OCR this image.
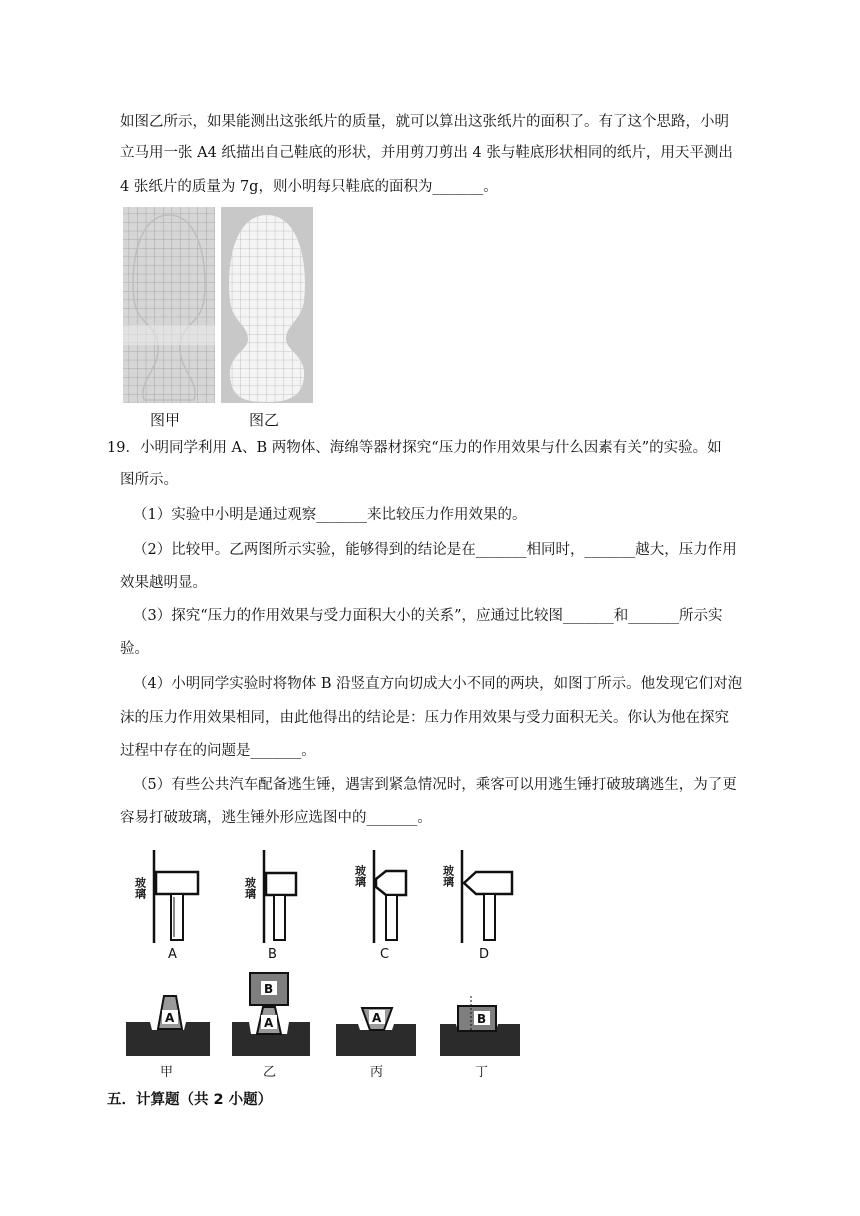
如图乙所示，如果能测出这张纸片的质量，就可以算出这张纸片的面积了。有了这个思路，小明
立马用一张 A4 纸描出自己鞋底的形状，并用剪刀剪出 4 张与鞋底形状相同的纸片，用天平测出
4 张纸片的质量为 7g，则小明每只鞋底的面积为_______。
图甲	图乙
19．小明同学利用 A、B 两物体、海绵等器材探究“压力的作用效果与什么因素有关”的实验。如
图所示。
（1）实验中小明是通过观察_______来比较压力作用效果的。
（2）比较甲。乙两图所示实验，能够得到的结论是在_______相同时，_______越大，压力作用
效果越明显。
（3）探究“压力的作用效果与受力面积大小的关系”，应通过比较图_______和_______所示实
验。
（4）小明同学实验时将物体 B 沿竖直方向切成大小不同的两块，如图丁所示。他发现它们对泡
沫的压力作用效果相同，由此他得出的结论是：压力作用效果与受力面积无关。你认为他在探究
过程中存在的问题是_______。
（5）有些公共汽车配备逃生锤，遇害到紧急情况时，乘客可以用逃生锤打破玻璃逃生，为了更
容易打破玻璃，逃生锤外形应选图中的_______。
玻璃	玻璃
玻璃	玻璃
A	B	C	D
A	A
B
A	B
甲	乙	丙	丁
五．计算题（共 2 小题）
